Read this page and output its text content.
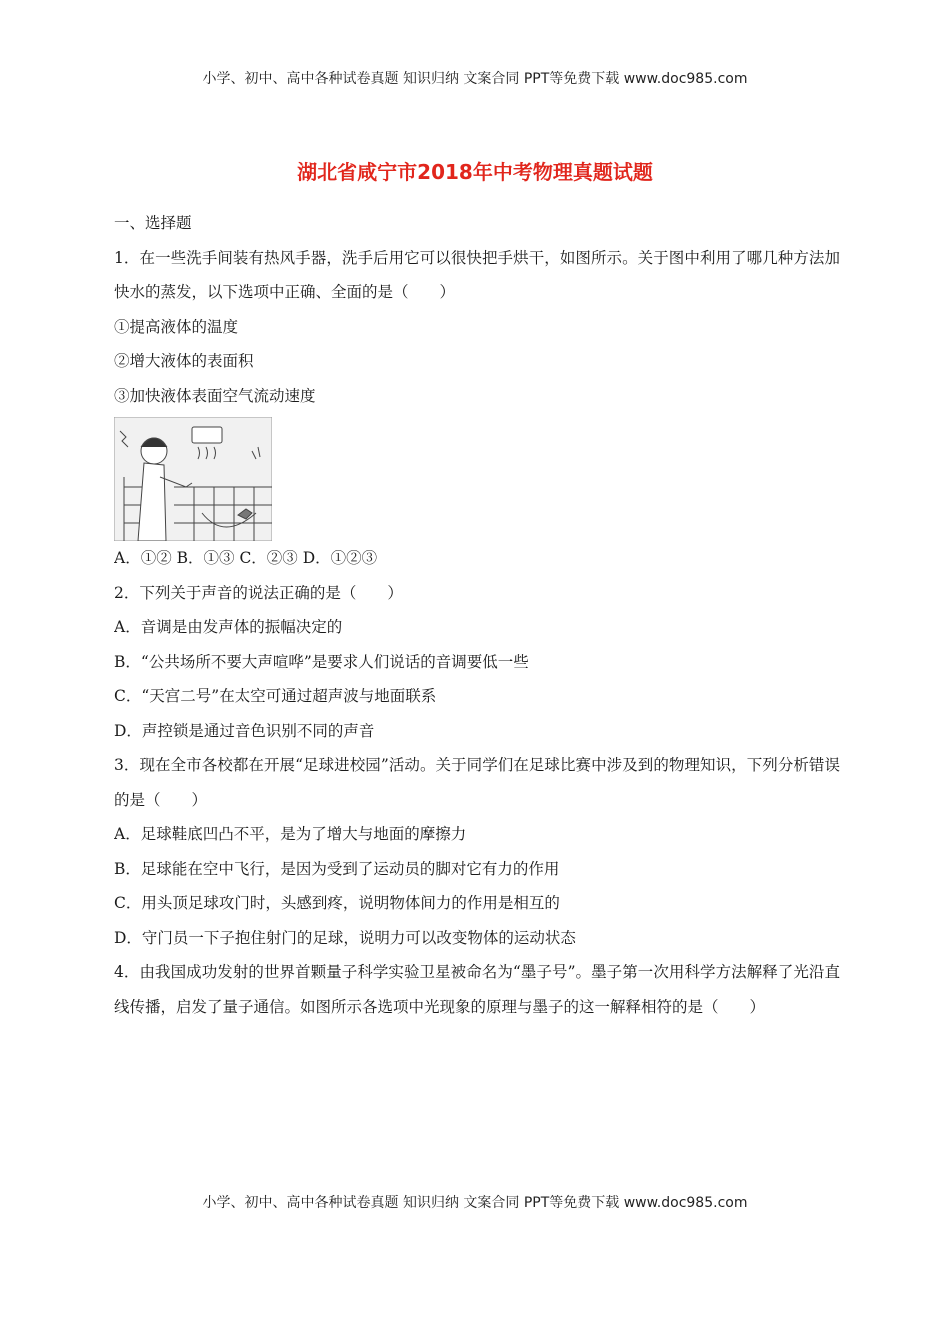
小学、初中、高中各种试卷真题 知识归纳 文案合同 PPT等免费下载 www.doc985.com
湖北省咸宁市2018年中考物理真题试题
一、选择题
1．在一些洗手间装有热风手器，洗手后用它可以很快把手烘干，如图所示。关于图中利用了哪几种方法加快水的蒸发，以下选项中正确、全面的是（　　）
①提高液体的温度
②增大液体的表面积
③加快液体表面空气流动速度
A．①② B．①③ C．②③ D．①②③
2．下列关于声音的说法正确的是（　　）
A．音调是由发声体的振幅决定的
B．“公共场所不要大声喧哗”是要求人们说话的音调要低一些
C．“天宫二号”在太空可通过超声波与地面联系
D．声控锁是通过音色识别不同的声音
3．现在全市各校都在开展“足球进校园”活动。关于同学们在足球比赛中涉及到的物理知识，下列分析错误的是（　　）
A．足球鞋底凹凸不平，是为了增大与地面的摩擦力
B．足球能在空中飞行，是因为受到了运动员的脚对它有力的作用
C．用头顶足球攻门时，头感到疼，说明物体间力的作用是相互的
D．守门员一下子抱住射门的足球，说明力可以改变物体的运动状态
4．由我国成功发射的世界首颗量子科学实验卫星被命名为“墨子号”。墨子第一次用科学方法解释了光沿直线传播，启发了量子通信。如图所示各选项中光现象的原理与墨子的这一解释相符的是（　　）
小学、初中、高中各种试卷真题 知识归纳 文案合同 PPT等免费下载 www.doc985.com
